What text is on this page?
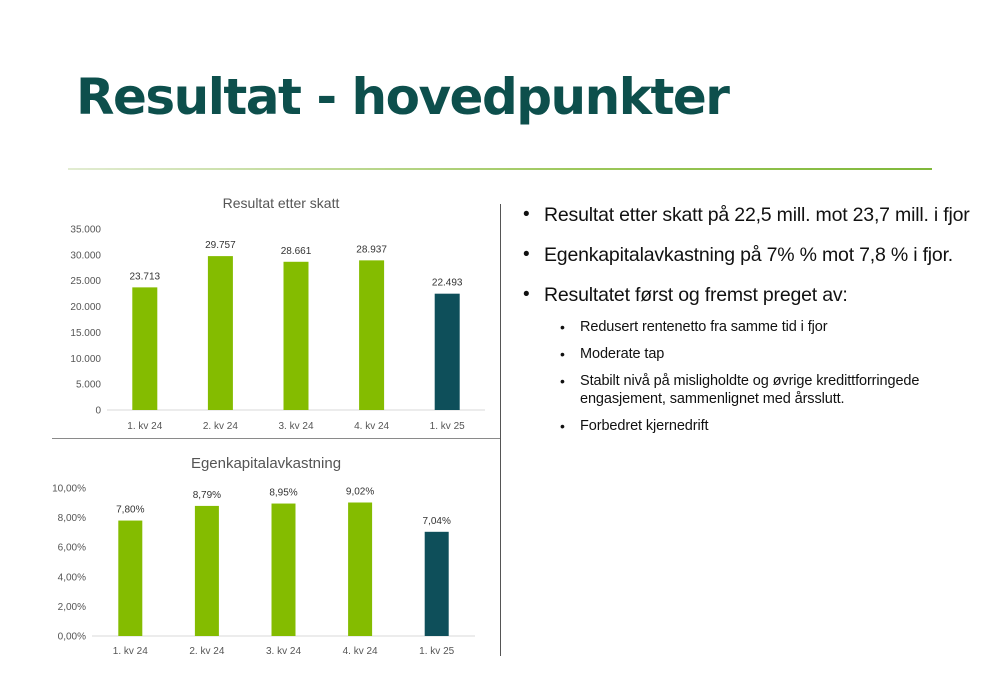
Resultat - hovedpunkter
Resultat etter skatt
0
5.000
10.000
15.000
20.000
25.000
30.000
35.000
23.713
1. kv 24
29.757
2. kv 24
28.661
3. kv 24
28.937
4. kv 24
22.493
1. kv 25
Egenkapitalavkastning
0,00%
2,00%
4,00%
6,00%
8,00%
10,00%
7,80%
1. kv 24
8,79%
2. kv 24
8,95%
3. kv 24
9,02%
4. kv 24
7,04%
1. kv 25
• Resultat etter skatt på 22,5 mill. mot 23,7 mill. i fjor
• Egenkapitalavkastning på 7% % mot 7,8 % i fjor.
• Resultatet først og fremst preget av:
• Redusert rentenetto fra samme tid i fjor
• Moderate tap
• Stabilt nivå på misligholdte og øvrige kredittforringede engasjement, sammenlignet med årsslutt.
• Forbedret kjernedrift
